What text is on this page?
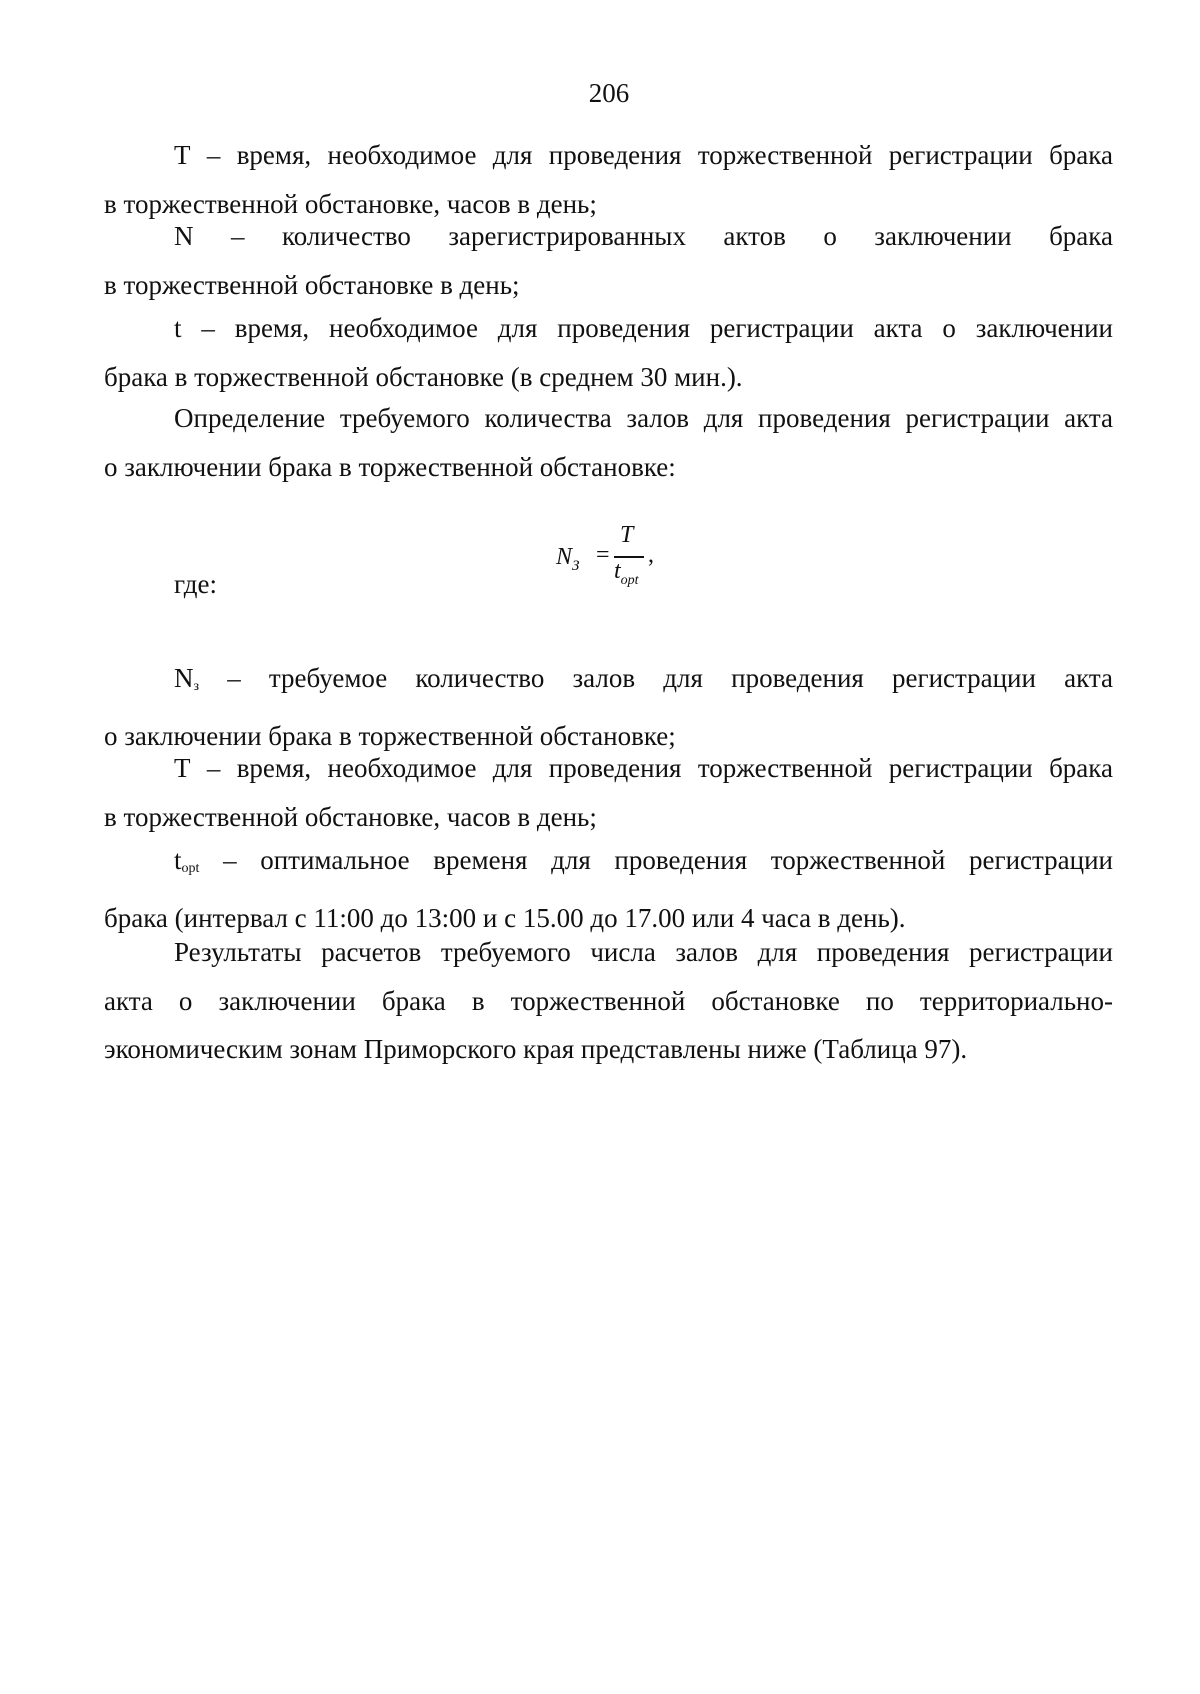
206
Т – время, необходимое для проведения торжественной регистрации брака
в торжественной обстановке, часов в день;
N – количество зарегистрированных актов о заключении брака
в торжественной обстановке в день;
t – время, необходимое для проведения регистрации акта о заключении
брака в торжественной обстановке (в среднем 30 мин.).
Определение требуемого количества залов для проведения регистрации акта
о заключении брака в торжественной обстановке:
$N_З$ =
T
$t_{opt}$
,
где:
$N_з$ – требуемое количество залов для проведения регистрации акта
о заключении брака в торжественной обстановке;
Т – время, необходимое для проведения торжественной регистрации брака
в торжественной обстановке, часов в день;
$t_{opt}$ – оптимальное временя для проведения торжественной регистрации
брака (интервал с 11:00 до 13:00 и с 15.00 до 17.00 или 4 часа в день).
Результаты расчетов требуемого числа залов для проведения регистрации
акта о заключении брака в торжественной обстановке по территориально-
экономическим зонам Приморского края представлены ниже (Таблица 97).
